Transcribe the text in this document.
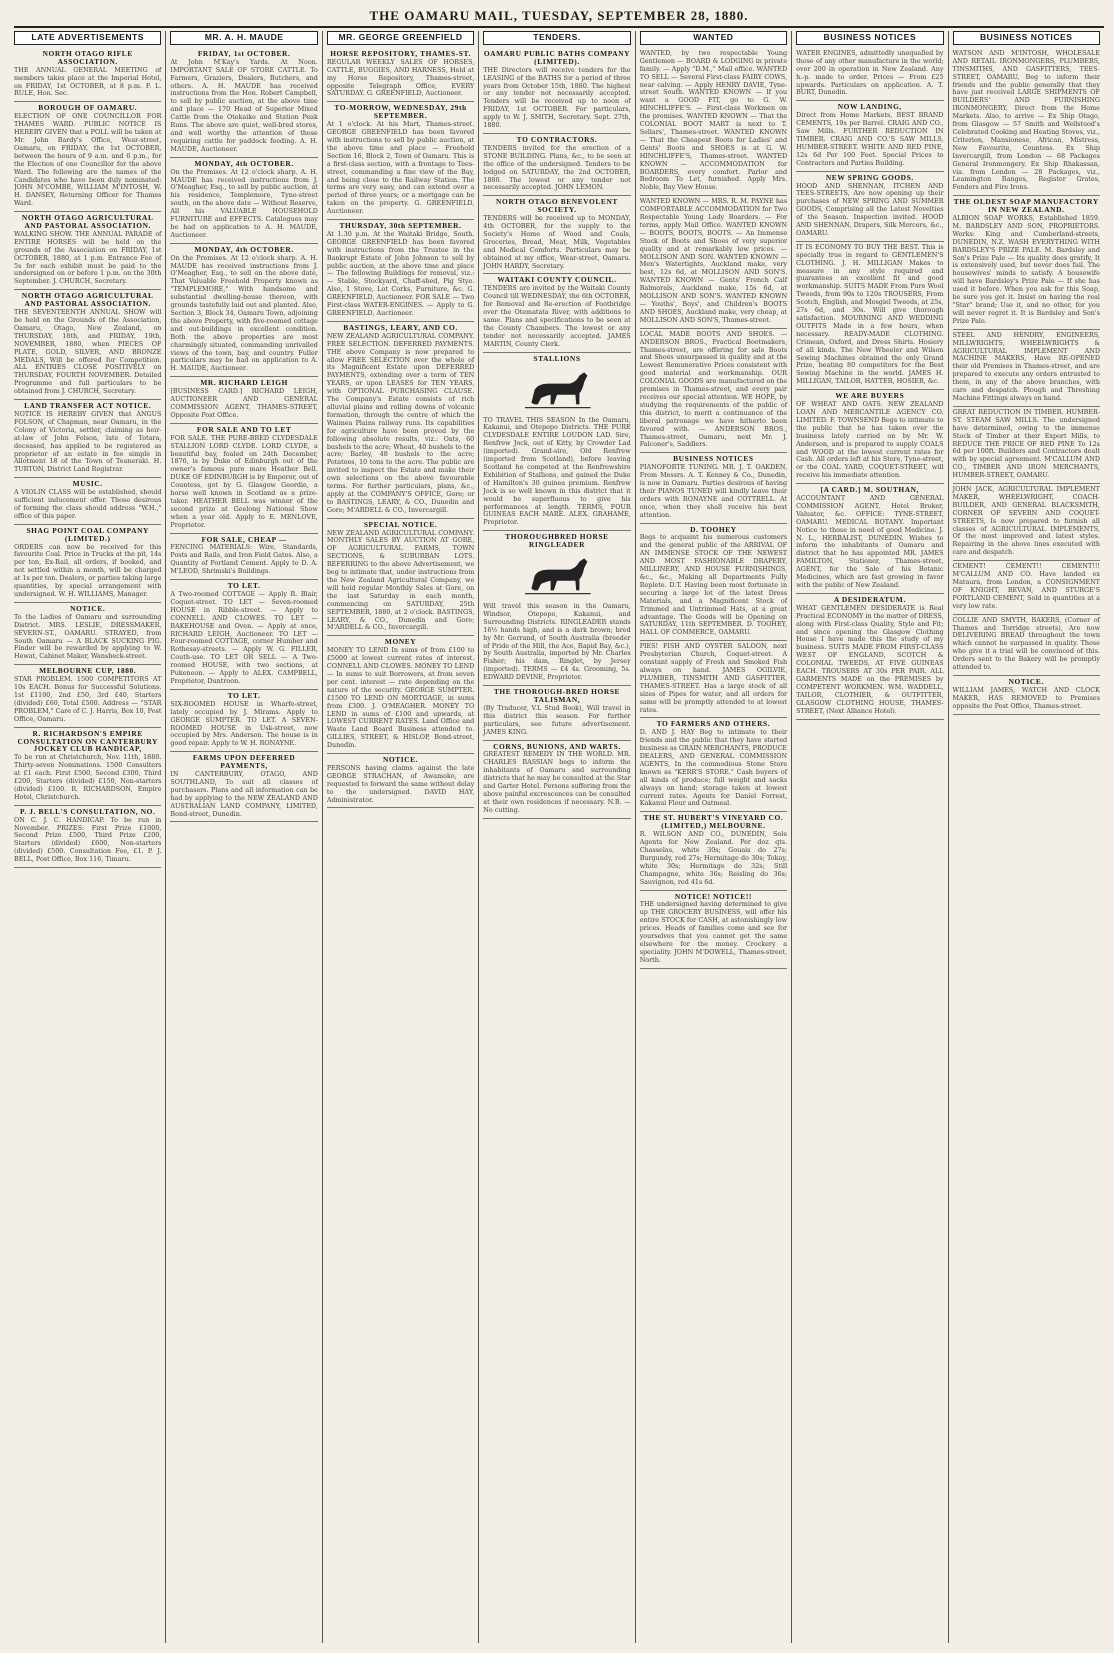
THE OAMARU MAIL, TUESDAY, SEPTEMBER 28, 1880.
LATE ADVERTISEMENTS
NORTH OTAGO RIFLE ASSOCIATION.

THE ANNUAL GENERAL MEETING of members takes place at the Imperial Hotel, on FRIDAY, 1st OCTOBER, at 8 p.m. F. L. RULE, Hon. Sec.

BOROUGH OF OAMARU.

ELECTION OF ONE COUNCILLOR FOR THAMES WARD. PUBLIC NOTICE IS HEREBY GIVEN that a POLL will be taken at Mr. John Bardy's Office, Wear-street, Oamaru, on FRIDAY, the 1st OCTOBER, between the hours of 9 a.m. and 6 p.m., for the Election of one Councillor for the above Ward. The following are the names of the Candidates who have been duly nominated: JOHN M'COMBE, WILLIAM M'INTOSH, W. H. DANSEY, Returning Officer for Thames Ward.

NORTH OTAGO AGRICULTURAL AND PASTORAL ASSOCIATION.

WALKING SHOW. THE ANNUAL PARADE of ENTIRE HORSES will be held on the grounds of the Association on FRIDAY, 1st OCTOBER, 1880, at 1 p.m. Entrance Fee of 5s for each exhibit must be paid to the undersigned on or before 1 p.m. on the 30th September. J. CHURCH, Secretary.

NORTH OTAGO AGRICULTURAL AND PASTORAL ASSOCIATION.

THE SEVENTEENTH ANNUAL SHOW will be held on the Grounds of the Association, Oamaru, Otago, New Zealand, on THURSDAY, 18th, and FRIDAY, 19th, NOVEMBER, 1880, when PIECES OF PLATE, GOLD, SILVER, AND BRONZE MEDALS, Will be offered for Competition. ALL ENTRIES CLOSE POSITIVELY on THURSDAY, FOURTH NOVEMBER. Detailed Programme and full particulars to be obtained from J. CHURCH, Secretary.

LAND TRANSFER ACT NOTICE.

NOTICE IS HEREBY GIVEN that ANGUS FOLSON, of Chapman, near Oamaru, in the Colony of Victoria, settler, claiming as heir-at-law of John Folson, late of Totara, deceased, has applied to be registered as proprietor of an estate in fee simple in Allotment 18 of the Town of Teaneraki. H. TURTON, District Land Registrar.

MUSIC.

A VIOLIN CLASS will be established, should sufficient inducement offer. Those desirous of forming the class should address "W.H.," office of this paper.

SHAG POINT COAL COMPANY (LIMITED.)

ORDERS can now be received for this favourite Coal. Price in Trucks at the pit, 14s per ton, Ex-Rail, all orders, if booked, and not settled within a month, will be charged at 1s per ton. Dealers, or parties taking large quantities, by special arrangement with undersigned. W. H. WILLIAMS, Manager.

NOTICE.

To the Ladies of Oamaru and surrounding District. MRS. LESLIE, DRESSMAKER, SEVERN-ST., OAMARU. STRAYED, from South Oamaru — A BLACK SUCKING PIG. Finder will be rewarded by applying to W. Hewat, Cabinet Maker, Wansbeck-street.

MELBOURNE CUP, 1880.

STAR PROBLEM. 1500 COMPETITORS AT 10s EACH. Bonus for Successful Solutions. 1st £1100, 2nd £50, 3rd £40, Starters (divided) £60, Total £500. Address — "STAR PROBLEM," Care of C. J. Harris, Box 10, Post Office, Oamaru.

R. RICHARDSON'S EMPIRE CONSULTATION ON CANTERBURY JOCKEY CLUB HANDICAP,

To be run at Christchurch, Nov. 11th, 1880. Thirty-seven Nominations. 1500 Consulters at £1 each. First £500, Second £300, Third £200, Starters (divided) £150, Non-starters (divided) £100. R. RICHARDSON, Empire Hotel, Christchurch.

P. J. BELL'S CONSULTATION, NO.

ON C. J. C. HANDICAP. To be run in November. PRIZES: First Prize £1000, Second Prize £500, Third Prize £200, Starters (divided) £600, Non-starters (divided) £500. Consultation Fee, £1. P. J. BELL, Post Office, Box 116, Timaru.

MR. A. H. MAUDE
FRIDAY, 1st OCTOBER.

At John M'Kay's Yards. At Noon. IMPORTANT SALE OF STORE CATTLE. To Farmers, Graziers, Dealers, Butchers, and others. A. H. MAUDE has received instructions from the Hon. Robert Campbell, to sell by public auction, at the above time and place — 170 Head of Superior Mixed Cattle from the Otekaike and Station Peak Runs. The above are quiet, well-bred stores, and well worthy the attention of those requiring cattle for paddock feeding. A. H. MAUDE, Auctioneer.

MONDAY, 4th OCTOBER.

On the Premises. At 12 o'clock sharp. A. H. MAUDE has received instructions from J. O'Meagher, Esq., to sell by public auction, at his residence, Templemore, Tyne-street south, on the above date — Without Reserve, All his VALUABLE HOUSEHOLD FURNITURE and EFFECTS. Catalogues may be had on application to A. H. MAUDE, Auctioneer.

MONDAY, 4th OCTOBER.

On the Premises. At 12 o'clock sharp. A. H. MAUDE has received instructions from J. O'Meagher, Esq., to sell on the above date, That Valuable Freehold Property known as "TEMPLEMORE," With handsome and substantial dwelling-house thereon, with grounds tastefully laid out and planted. Also, Section 3, Block 34, Oamaru Town, adjoining the above Property, with five-roomed cottage and out-buildings in excellent condition. Both the above properties are most charmingly situated, commanding unrivalled views of the town, bay, and country. Fuller particulars may be had on application to A. H. MAUDE, Auctioneer.

MR. RICHARD LEIGH

[BUSINESS CARD.] RICHARD LEIGH, AUCTIONEER AND GENERAL COMMISSION AGENT, THAMES-STREET, Opposite Post Office.

FOR SALE AND TO LET

FOR SALE. THE PURE-BRED CLYDESDALE STALLION LORD CLYDE. LORD CLYDE, a beautiful bay, foaled on 24th December, 1876, is by Duke of Edinburgh out of the owner's famous pure mare Heather Bell. DUKE OF EDINBURGH is by Emperor, out of Countess, got by G. Glasgow Geordie, a horse well known in Scotland as a prize-taker. HEATHER BELL was winner of the second prize at Geelong National Show when a year old. Apply to E. MENLOVE, Proprietor.

FOR SALE, CHEAP —

FENCING MATERIALS: Wire, Standards, Posts and Rails, and Iron Field Gates. Also, a Quantity of Portland Cement. Apply to D. A. M'LEOD, Shrimski's Buildings.

TO LET.

A Two-roomed COTTAGE — Apply R. Blair, Coquet-street. TO LET — Seven-roomed HOUSE in Ribble-street. — Apply to CONNELL AND CLOWES. TO LET — BAKEHOUSE and Oven. — Apply at once, RICHARD LEIGH, Auctioneer. TO LET — Four-roomed COTTAGE, corner Humber and Rothesay-streets. — Apply W. G. FILLER, Couth-use. TO LET OR SELL — A Two-roomed HOUSE, with two sections, at Pukeneon. — Apply to ALEX. CAMPBELL, Proprietor, Duntroon.

TO LET.

SIX-ROOMED HOUSE in Wharfe-street, lately occupied by J. Mirams. Apply to GEORGE SUMPTER. TO LET. A SEVEN-ROOMED HOUSE in Usk-street, now occupied by Mrs. Anderson. The house is in good repair. Apply to W. H. RONAYNE.

FARMS UPON DEFERRED PAYMENTS,

IN CANTERBURY, OTAGO, AND SOUTHLAND, To suit all classes of purchasers. Plans and all information can be had by applying to the NEW ZEALAND AND AUSTRALIAN LAND COMPANY, LIMITED, Bond-street, Dunedin.

MR. GEORGE GREENFIELD
HORSE REPOSITORY, THAMES-ST.

REGULAR WEEKLY SALES OF HORSES, CATTLE, BUGGIES, AND HARNESS, Held at my Horse Repository, Thames-street, opposite Telegraph Office, EVERY SATURDAY. G. GREENFIELD, Auctioneer.

TO-MORROW, WEDNESDAY, 29th SEPTEMBER.

At 1 o'clock. At his Mart, Thames-street. GEORGE GREENFIELD has been favored with instructions to sell by public auction, at the above time and place — Freehold Section 16, Block 2, Town of Oamaru. This is a first-class section, with a frontage to Tees-street, commanding a fine view of the Bay, and being close to the Railway Station. The terms are very easy, and can extend over a period of three years; or a mortgage can be taken on the property. G. GREENFIELD, Auctioneer.

THURSDAY, 30th SEPTEMBER.

At 1.30 p.m. At the Waitaki Bridge, South. GEORGE GREENFIELD has been favored with instructions from the Trustee in the Bankrupt Estate of John Johnson to sell by public auction, at the above time and place — The following Buildings for removal, viz.: — Stable, Stockyard, Chaff-shed, Pig Stye. Also, 1 Stove, Lot Corks, Furniture, &c. G. GREENFIELD, Auctioneer. FOR SALE — Two First-class WATER-ENGINES. — Apply to G. GREENFIELD, Auctioneer.

BASTINGS, LEARY, AND CO.

NEW ZEALAND AGRICULTURAL COMPANY. FREE SELECTION. DEFERRED PAYMENTS. THE above Company is now prepared to allow FREE SELECTION over the whole of its Magnificent Estate upon DEFERRED PAYMENTS, extending over a term of TEN YEARS, or upon LEASES for TEN YEARS, with OPTIONAL PURCHASING CLAUSE. The Company's Estate consists of rich alluvial plains and rolling downs of volcanic formation, through the centre of which the Waimea Plains railway runs. Its capabilities for agriculture have been proved by the following absolute results, viz.: Oats, 60 bushels to the acre; Wheat, 40 bushels to the acre; Barley, 48 bushels to the acre; Potatoes, 10 tons to the acre. The public are invited to inspect the Estate and make their own selections on the above favourable terms. For further particulars, plans, &c., apply at the COMPANY'S OFFICE, Gore; or to BASTINGS, LEARY, & CO., Dunedin and Gore; M'ARDELL & CO., Invercargill.

SPECIAL NOTICE.

NEW ZEALAND AGRICULTURAL COMPANY. MONTHLY SALES BY AUCTION AT GORE, OF AGRICULTURAL FARMS, TOWN SECTIONS, & SUBURBAN LOTS. REFERRING to the above Advertisement, we beg to intimate that, under instructions from the New Zealand Agricultural Company, we will hold regular Monthly Sales at Gore, on the last Saturday in each month, commencing on SATURDAY, 25th SEPTEMBER, 1880, at 2 o'clock. BASTINGS, LEARY, & CO., Dunedin and Gore; M'ARDELL & CO., Invercargill.

MONEY

MONEY TO LEND In sums of from £100 to £5000 at lowest current rates of interest. CONNELL AND CLOWES. MONEY TO LEND — In sums to suit Borrowers, at from seven per cent. interest — rate depending on the nature of the security. GEORGE SUMPTER. £1500 TO LEND ON MORTGAGE, in sums from £300. J. O'MEAGHER. MONEY TO LEND in sums of £100 and upwards, at LOWEST CURRENT RATES. Land Office and Waste Land Board Business attended to. GILLIES, STREET, & HISLOP, Bond-street, Dunedin.

NOTICE.

PERSONS having claims against the late GEORGE STRACHAN, of Awamoko, are requested to forward the same without delay to the undersigned. DAVID HAY, Administrator.

TENDERS.
OAMARU PUBLIC BATHS COMPANY (LIMITED).

THE Directors will receive tenders for the LEASING of the BATHS for a period of three years from October 15th, 1880. The highest or any tender not necessarily accepted. Tenders will be received up to noon of FRIDAY, 1st OCTOBER. For particulars, apply to W. J. SMITH, Secretary. Sept. 27th, 1880.

TO CONTRACTORS.

TENDERS invited for the erection of a STONE BUILDING. Plans, &c., to be seen at the office of the undersigned. Tenders to be lodged on SATURDAY, the 2nd OCTOBER, 1880. The lowest or any tender not necessarily accepted. JOHN LEMON.

NORTH OTAGO BENEVOLENT SOCIETY.

TENDERS will be received up to MONDAY, 4th OCTOBER, for the supply to the Society's Home of Wood and Coals, Groceries, Bread, Meat, Milk, Vegetables and Medical Comforts. Particulars may be obtained at my office, Wear-street, Oamaru. JOHN HARDY, Secretary.

WAITAKI COUNTY COUNCIL.

TENDERS are invited by the Waitaki County Council till WEDNESDAY, the 6th OCTOBER, for Removal and Re-erection of Footbridge over the Otematata River, with additions to same. Plans and specifications to be seen at the County Chambers. The lowest or any tender not necessarily accepted. JAMES MARTIN, County Clerk.

STALLIONS

TO TRAVEL THIS SEASON In the Oamaru, Kakanui, and Otepopo Districts. THE PURE CLYDESDALE ENTIRE LOUDON LAD. Sire, Renfrew Jock, out of Kitty, by Crowder Lad (imported). Grand-sire, Old Renfrew (imported from Scotland), before leaving Scotland he competed at the Renfrewshire Exhibition of Stallions, and gained the Duke of Hamilton's 30 guinea premium. Renfrew Jock is so well known in this district that it would be superfluous to give his performances at length. TERMS, FOUR GUINEAS EACH MARE. ALEX. GRAHAME, Proprietor.

THOROUGHBRED HORSE RINGLEADER

Will travel this season in the Oamaru, Windsor, Otepopo, Kakanui, and Surrounding Districts. RINGLEADER stands 16½ hands high, and is a dark brown; bred by Mr. Gerrand, of South Australia (breeder of Pride of the Hill, the Ace, Rapid Bay, &c.), by South Australia, imported by Mr. Charles Fisher; his dam, Ringlet, by Jersey (imported). TERMS — £4 4s. Grooming, 5s. EDWARD DEVINE, Proprietor.

THE THOROUGH-BRED HORSE TALISMAN,

(By Traducer, V.L Stud Book), Will travel in this district this season. For further particulars, see future advertisement. JAMES KING.

CORNS, BUNIONS, AND WARTS.

GREATEST REMEDY IN THE WORLD. MR. CHARLES BASSIAN begs to inform the inhabitants of Oamaru and surrounding districts that he may be consulted at the Star and Garter Hotel. Persons suffering from the above painful excrescences can be consulted at their own residences if necessary. N.B. — No cutting.

WANTED

WANTED, by two respectable Young Gentlemen — BOARD & LODGING in private family. — Apply "D.M.," Mail office. WANTED TO SELL — Several First-class FAIRY COWS, near calving. — Apply HENRY DAVIE, Tyne-street South. WANTED KNOWN — If you want a GOOD FIT, go to G. W. HINCHLIFFE'S. — First-class Workmen on the premises. WANTED KNOWN — That the COLONIAL BOOT MART is next to T. Sellars', Thames-street. WANTED KNOWN — That the Cheapest Boots for Ladies' and Gents' Boots and SHOES is at G. W. HINCHLIFFE'S, Thames-street. WANTED KNOWN — ACCOMMODATION for BOARDERS, every comfort. Parlor and Bedroom To Let, furnished. Apply Mrs. Noble, Bay View House.

WANTED KNOWN — MRS. R. M. PAYNE has COMFORTABLE ACCOMMODATION for Two Respectable Young Lady Boarders. — For terms, apply Mail Office. WANTED KNOWN — BOOTS, BOOTS, BOOTS. — An Immense Stock of Boots and Shoes of very superior quality and at remarkably low prices. — MOLLISON AND SON. WANTED KNOWN — Men's Watertights, Auckland make, very best, 12s 6d, at MOLLISON AND SON'S. WANTED KNOWN — Gents' French Calf Balmorals, Auckland make, 15s 6d, at MOLLISON AND SON'S. WANTED KNOWN — Youths', Boys', and Children's BOOTS AND SHOES, Auckland make, very cheap, at MOLLISON AND SON'S, Thames-street.

LOCAL MADE BOOTS AND SHOES. — ANDERSON BROS., Practical Bootmakers, Thames-street, are offering for sale Boots and Shoes unsurpassed in quality and at the Lowest Remunerative Prices consistent with good material and workmanship. OUR COLONIAL GOODS are manufactured on the premises in Thames-street, and every pair receives our special attention. WE HOPE, by studying the requirements of the public of this district, to merit a continuance of the liberal patronage we have hitherto been favored with. — ANDERSON BROS., Thames-street, Oamaru, next Mr. J. Falconer's, Saddlers.

BUSINESS NOTICES

PIANOFORTE TUNING. MR. J. T. OAKDEN, From Messrs. A. T. Kenney & Co., Dunedin, is now in Oamaru. Parties desirous of having their PIANOS TUNED will kindly leave their orders with RONAYNE and COTTRELL. At once, when they shall receive his best attention.

D. TOOHEY

Begs to acquaint his numerous customers and the general public of the ARRIVAL OF AN IMMENSE STOCK OF THE NEWEST AND MOST FASHIONABLE DRAPERY, MILLINERY, AND HOUSE FURNISHINGS, &c., &c., Making all Departments Fully Replete. D.T. Having been most fortunate in securing a large lot of the latest Dress Materials, and a Magnificent Stock of Trimmed and Untrimmed Hats, at a great advantage. The Goods will be Opening on SATURDAY, 11th SEPTEMBER. D. TOOHEY, HALL OF COMMERCE, OAMARU.

PIES! FISH AND OYSTER SALOON, next Presbyterian Church, Coquet-street. A constant supply of Fresh and Smoked Fish always on hand. JAMES OGILVIE, PLUMBER, TINSMITH AND GASFITTER, THAMES-STREET. Has a large stock of all sizes of Pipes for water, and all orders for same will be promptly attended to at lowest rates.

TO FARMERS AND OTHERS.

D. AND J. HAY Beg to intimate to their friends and the public that they have started business as GRAIN MERCHANTS, PRODUCE DEALERS, AND GENERAL COMMISSION AGENTS, In the commodious Stone Store known as "KERR'S STORE." Cash buyers of all kinds of produce; full weight and sacks always on hand; storage taken at lowest current rates. Agents for Daniel Forrest, Kakanui Flour and Oatmeal.

THE ST. HUBERT'S VINEYARD CO. (LIMITED,) MELBOURNE.

R. WILSON AND CO., DUNEDIN, Sole Agents for New Zealand. Per doz qts. Chasselas, white 30s; Gouais do 27s; Burgundy, red 27s; Hermitage do 30s; Tokay, white 30s; Hermitage do 32s; Still Champagne, white 36s; Reisling do 36s; Sauvignon, red 41s 6d.

NOTICE! NOTICE!!

THE undersigned having determined to give up THE GROCERY BUSINESS, will offer his entire STOCK for CASH, at astonishingly low prices. Heads of families come and see for yourselves that you cannot get the same elsewhere for the money. Crockery a speciality. JOHN M'DOWELL, Thames-street, North.

BUSINESS NOTICES

WATER ENGINES, admittedly unequalled by those of any other manufacture in the world; over 200 in operation in New Zealand. Any h.-p. made to order. Prices — From £25 upwards. Particulars on application. A. T. BURT, Dunedin.

NOW LANDING,

Direct from Home Markets, BEST BRAND CEMENTS, 19s per Barrel. CRAIG AND CO., Saw Mills. FURTHER REDUCTION IN TIMBER. CRAIG AND CO.'S SAW MILLS, HUMBER-STREET. WHITE AND RED PINE, 12s 6d Per 100 Feet. Special Prices to Contractors and Parties Building.

NEW SPRING GOODS.

HOOD AND SHENNAN, ITCHEN AND TEES-STREETS, Are now opening up their purchases of NEW SPRING AND SUMMER GOODS, Comprising all the Latest Novelties of the Season. Inspection invited. HOOD AND SHENNAN, Drapers, Silk Mercers, &c., OAMARU.

IT IS ECONOMY TO BUY THE BEST. This is specially true in regard to GENTLEMEN'S CLOTHING. J. H. MILLIGAN Makes to measure in any style required and guarantees an excellent fit and good workmanship. SUITS MADE From Pure Wool Tweeds, from 90s to 120s TROUSERS, From Scotch, English, and Mosgiel Tweeds, at 25s, 27s 6d, and 30s. Will give thorough satisfaction. MOURNING AND WEDDING OUTFITS Made in a few hours, when necessary. READY-MADE CLOTHING. Crimean, Oxford, and Dress Shirts. Hosiery of all kinds. The New Wheeler and Wilson Sewing Machines obtained the only Grand Prize, beating 80 competitors for the Best Sewing Machine in the world. JAMES H. MILLIGAN, TAILOR, HATTER, HOSIER, &c.

WE ARE BUYERS

OF WHEAT AND OATS. NEW ZEALAND LOAN AND MERCANTILE AGENCY CO. LIMITED. F. TOWNSEND Begs to intimate to the public that he has taken over the business lately carried on by Mr. W. Anderson, and is prepared to supply COALS and WOOD at the lowest current rates for Cash. All orders left at his Store, Tyne-street, or the COAL YARD, COQUET-STREET, will receive his immediate attention.

[A CARD.] M. SOUTHAN,

ACCOUNTANT AND GENERAL COMMISSION AGENT, Hotel Broker, Valuator, &c. OFFICE: TYNE-STREET, OAMARU. MEDICAL BOTANY. Important Notice to those in need of good Medicine. J. N. L., HERBALIST, DUNEDIN. Wishes to inform the inhabitants of Oamaru and district that he has appointed MR. JAMES FAMILTON, Stationer, Thames-street, AGENT, for the Sale of his Botanic Medicines, which are fast growing in favor with the public of New Zealand.

A DESIDERATUM.

WHAT GENTLEMEN DESIDERATE is Real Practical ECONOMY in the matter of DRESS, along with First-class Quality, Style and Fit; and since opening the Glasgow Clothing House I have made this the study of my business. SUITS MADE FROM FIRST-CLASS WEST OF ENGLAND, SCOTCH & COLONIAL TWEEDS, AT FIVE GUINEAS EACH. TROUSERS AT 30s PER PAIR. ALL GARMENTS MADE on the PREMISES by COMPETENT WORKMEN. WM. WADDELL, TAILOR, CLOTHIER, & OUTFITTER, GLASGOW CLOTHING HOUSE, THAMES-STREET, (Next Alliance Hotel).

BUSINESS NOTICES

WATSON AND M'INTOSH, WHOLESALE AND RETAIL IRONMONGERS, PLUMBERS, TINSMITHS, AND GASFITTERS, TEES-STREET, OAMARU, Beg to inform their friends and the public generally that they have just received LARGE SHIPMENTS OF BUILDERS' AND FURNISHING IRONMONGERY, Direct from the Home Markets. Also, to arrive — Ex Ship Otago, from Glasgow — 57 Smith and Wellstood's Celebrated Cooking and Heating Stoves, viz., Criterion, Mansionese, African, Mistress, New Favourite, Countess. Ex Ship Invercargill, from London — 68 Packages General Ironmongery. Ex Ship Rhakassan, via. from London — 28 Packages, viz., Leamington Ranges, Register Grates, Fenders and Fire Irons.

THE OLDEST SOAP MANUFACTORY IN NEW ZEALAND.

ALBION SOAP WORKS, Established 1859. M. BARDSLEY AND SON, PROPRIETORS. Works: King and Cumberland-streets, DUNEDIN, N.Z. WASH EVERYTHING WITH BARDSLEY'S PRIZE PALE. M. Bardsley and Son's Prize Pale — Its quality does gratify, It is extensively used, but never does fail. The housewives' minds to satisfy. A housewife will have Bardsley's Prize Pale — If she has used it before. When you ask for this Soap, be sure you get it. Insist on having the real "Star" brand; Use it, and no other, for you will never regret it. It is Bardsley and Son's Prize Pale.

STEEL AND HENDRY, ENGINEERS, MILLWRIGHTS, WHEELWRIGHTS & AGRICULTURAL IMPLEMENT AND MACHINE MAKERS, Have RE-OPENED their old Premises in Thames-street, and are prepared to execute any orders entrusted to them, in any of the above branches, with care and despatch. Plough and Threshing Machine Fittings always on hand.

GREAT REDUCTION IN TIMBER. HUMBER-ST. STEAM SAW MILLS. The undersigned have determined, owing to the immense Stock of Timber at their Export Mills, to REDUCE THE PRICE OF RED PINE To 12s 6d per 100ft. Builders and Contractors dealt with by special agreement. M'CALLUM AND CO., TIMBER AND IRON MERCHANTS, HUMBER-STREET, OAMARU.

JOHN JACK, AGRICULTURAL IMPLEMENT MAKER, WHEELWRIGHT, COACH-BUILDER, AND GENERAL BLACKSMITH, CORNER OF SEVERN AND COQUET-STREETS, Is now prepared to furnish all classes of AGRICULTURAL IMPLEMENTS, Of the most improved and latest styles. Repairing in the above lines executed with care and despatch.

CEMENT! CEMENT!! CEMENT!!! M'CALLUM AND CO. Have landed ex Mataura, from London, a CONSIGNMENT OF KNIGHT, BEVAN, AND STURGE'S PORTLAND CEMENT, Sold in quantities at a very low rate.

COLLIE AND SMYTH, BAKERS, (Corner of Thames and Torridge streets), Are now DELIVERING BREAD throughout the town which cannot be surpassed in quality. Those who give it a trial will be convinced of this. Orders sent to the Bakery will be promptly attended to.

NOTICE.

WILLIAM JAMES, WATCH AND CLOCK MAKER, HAS REMOVED to Premises opposite the Post Office, Thames-street.
